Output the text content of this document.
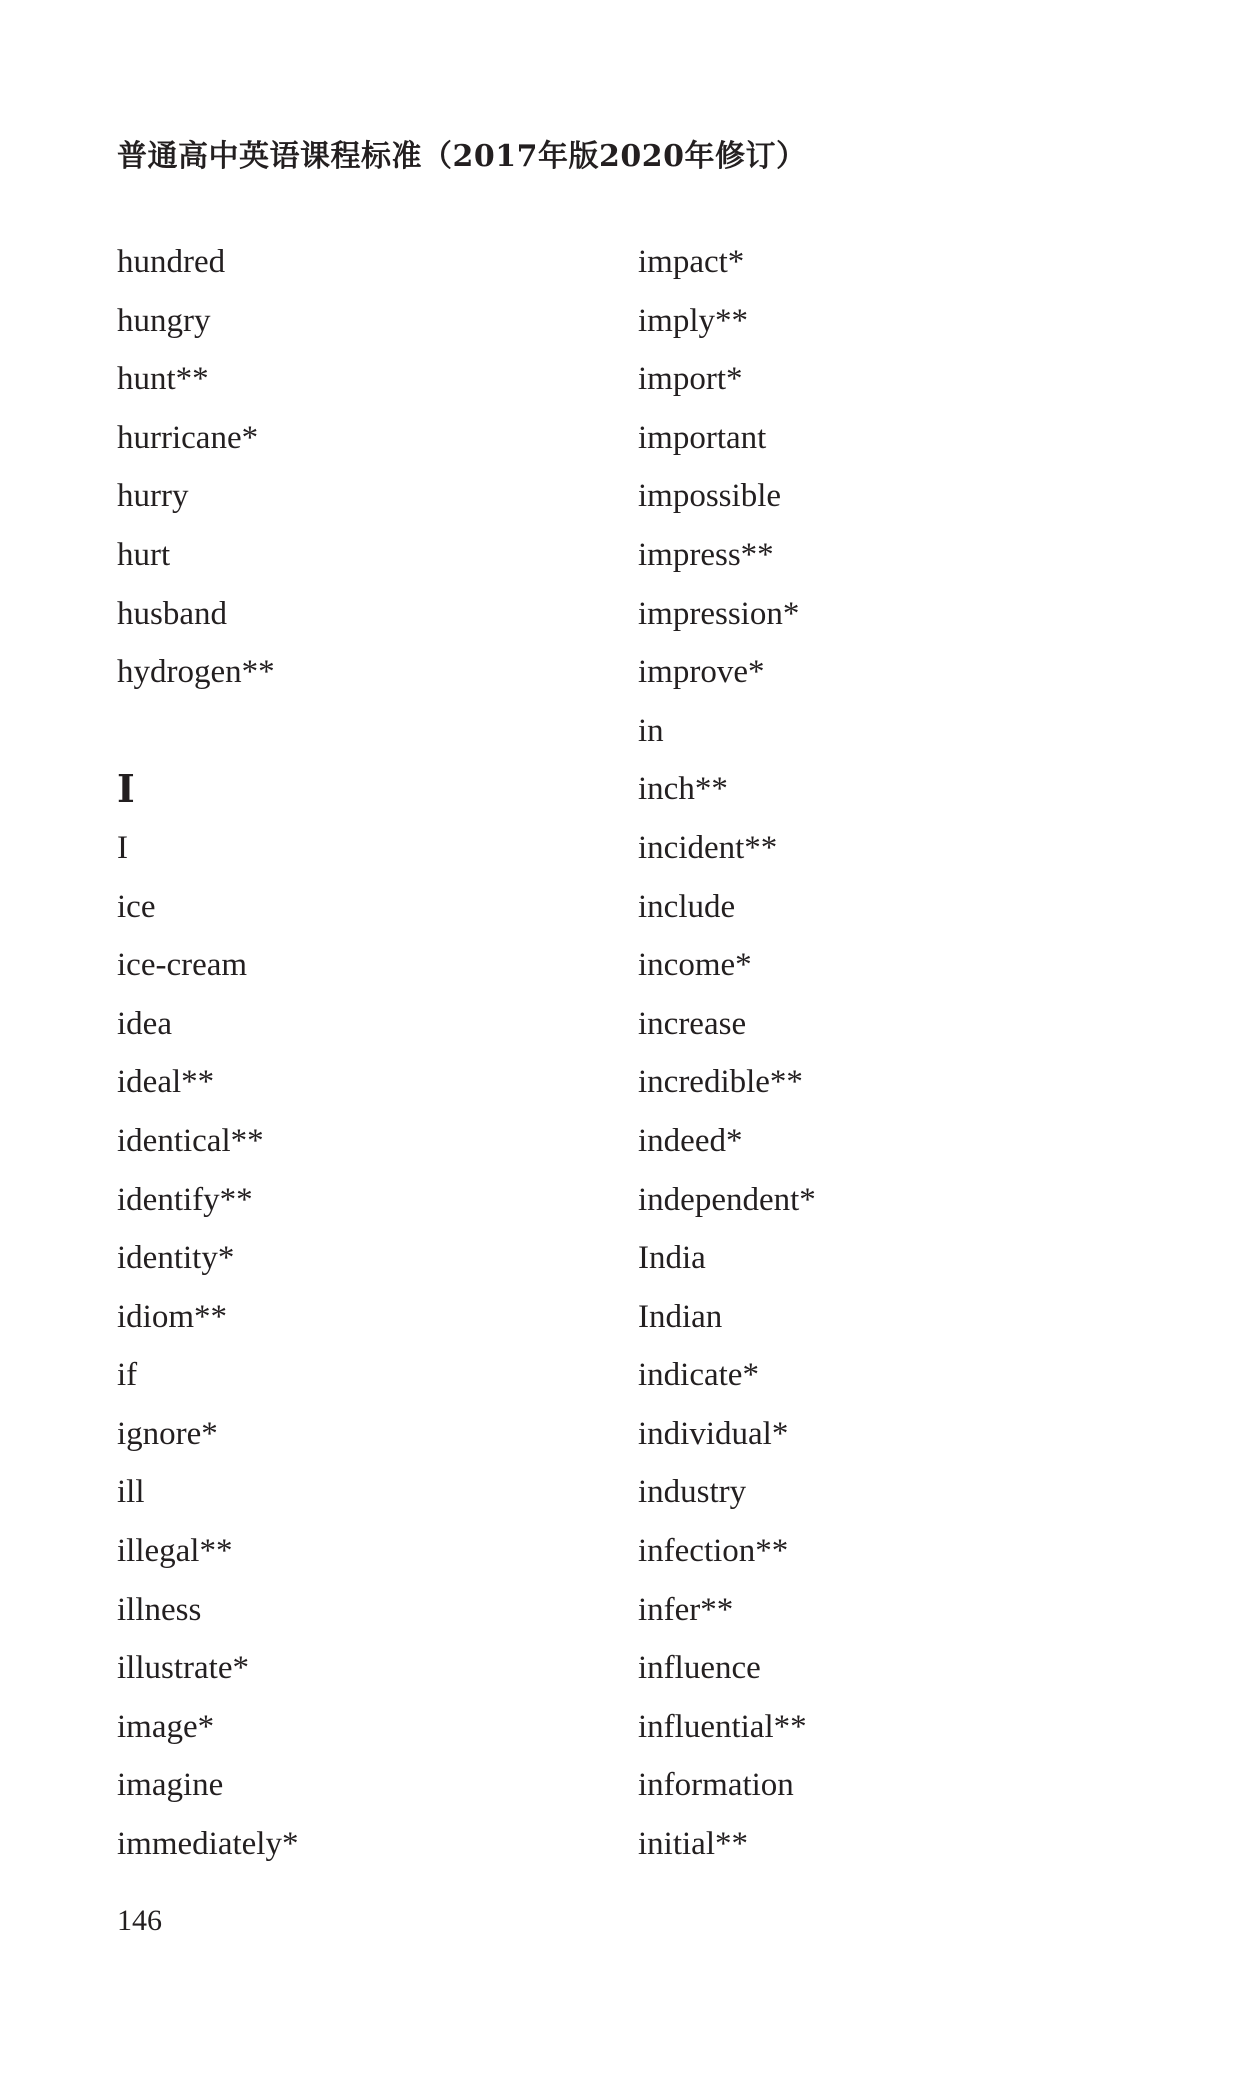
普通高中英语课程标准（2017年版2020年修订）
hundred
hungry
hunt**
hurricane*
hurry
hurt
husband
hydrogen**
I
I
ice
ice-cream
idea
ideal**
identical**
identify**
identity*
idiom**
if
ignore*
ill
illegal**
illness
illustrate*
image*
imagine
immediately*
impact*
imply**
import*
important
impossible
impress**
impression*
improve*
in
inch**
incident**
include
income*
increase
incredible**
indeed*
independent*
India
Indian
indicate*
individual*
industry
infection**
infer**
influence
influential**
information
initial**
146
